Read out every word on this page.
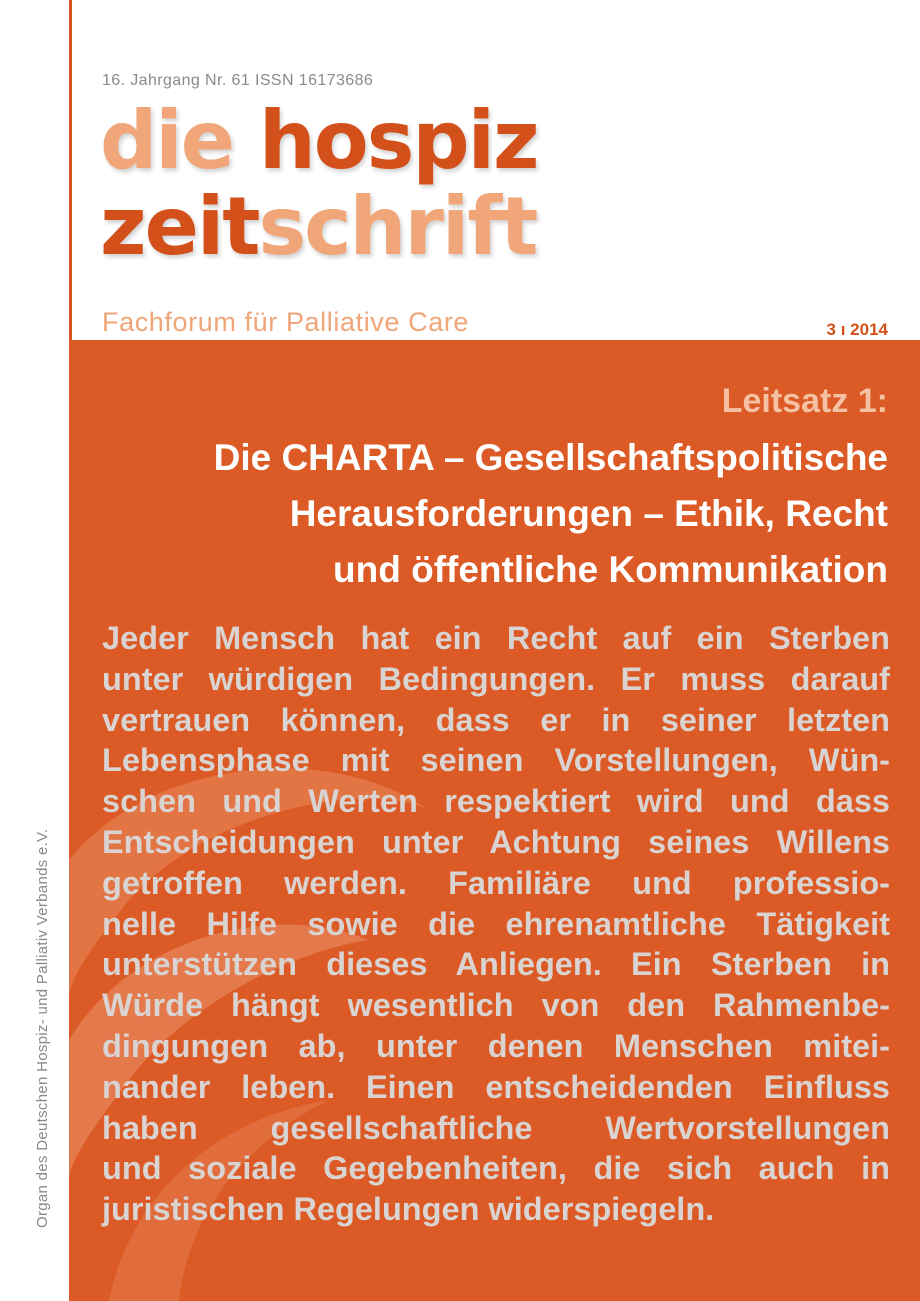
16. Jahrgang Nr. 61 ISSN 16173686
die hospiz
zeitschrift
Fachforum für Palliative Care	3 ı 2014
Organ des Deutschen Hospiz- und Palliativ Verbands e.V.
Leitsatz 1:
Die CHARTA – Gesellschaftspolitische
Herausforderungen – Ethik, Recht
und öffentliche Kommunikation
Jeder Mensch hat ein Recht auf ein Sterben
unter würdigen Bedingungen. Er muss darauf
vertrauen können, dass er in seiner letzten
Lebensphase mit seinen Vorstellungen, Wün-
schen und Werten respektiert wird und dass
Entscheidungen unter Achtung seines Willens
getroffen werden. Familiäre und professio-
nelle Hilfe sowie die ehrenamtliche Tätigkeit
unterstützen dieses Anliegen. Ein Sterben in
Würde hängt wesentlich von den Rahmenbe-
dingungen ab, unter denen Menschen mitei-
nander leben. Einen entscheidenden Einfluss
haben gesellschaftliche Wertvorstellungen
und soziale Gegebenheiten, die sich auch in
juristischen Regelungen widerspiegeln.
